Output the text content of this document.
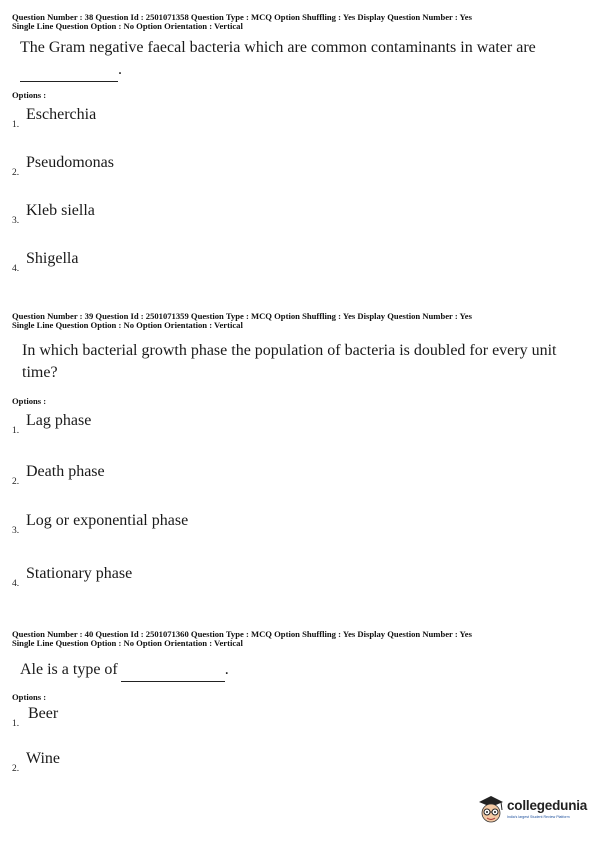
Question Number : 38 Question Id : 2501071358 Question Type : MCQ Option Shuffling : Yes Display Question Number : Yes
Single Line Question Option : No Option Orientation : Vertical
The Gram negative faecal bacteria which are common contaminants in water are
.
Options :
1.
Escherchia
2.
Pseudomonas
3.
Kleb siella
4.
Shigella
Question Number : 39 Question Id : 2501071359 Question Type : MCQ Option Shuffling : Yes Display Question Number : Yes
Single Line Question Option : No Option Orientation : Vertical
In which bacterial growth phase the population of bacteria is doubled for every unit time?
Options :
1.
Lag phase
2.
Death phase
3.
Log or exponential phase
4.
Stationary phase
Question Number : 40 Question Id : 2501071360 Question Type : MCQ Option Shuffling : Yes Display Question Number : Yes
Single Line Question Option : No Option Orientation : Vertical
Ale is a type of	.
Options :
1.
Beer
2.
Wine
collegedunia
India's largest Student Review Platform
